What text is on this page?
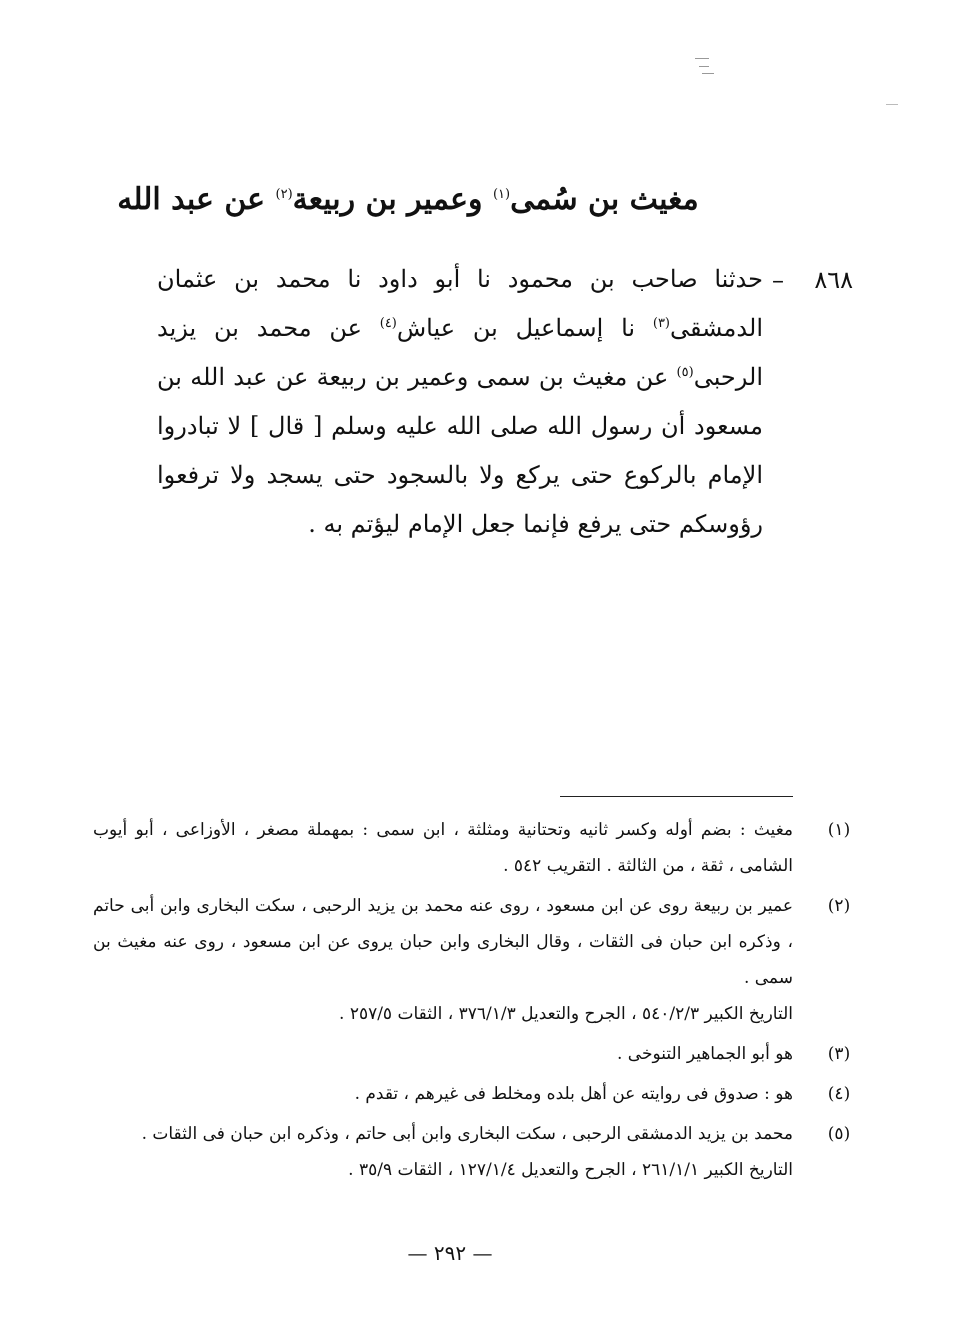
مغيث بن سُمى$^{(١)}$ وعمير بن ربيعة$^{(٢)}$ عن عبد الله
٨٦٨
–

حدثنا صاحب بن محمود نا أبو داود نا محمد بن عثمان الدمشقى$^{(٣)}$ نا إسماعيل بن عياش$^{(٤)}$ عن محمد بن يزيد الرحبى$^{(٥)}$ عن مغيث بن سمى وعمير بن ربيعة عن عبد الله بن مسعود أن رسول الله صلى الله عليه وسلم [ قال ] لا تبادروا الإمام بالركوع حتى يركع ولا بالسجود حتى يسجد ولا ترفعوا رؤوسكم حتى يرفع فإنما جعل الإمام ليؤتم به .

(١)

مغيث : بضم أوله وكسر ثانيه وتحتانية ومثلثة ، ابن سمى : بمهملة مصغر ، الأوزاعى ، أبو أيوب الشامى ، ثقة ، من الثالثة . التقريب ٥٤٢ .

(٢)

عمير بن ربيعة روى عن ابن مسعود ، روى عنه محمد بن يزيد الرحبى ، سكت البخارى وابن أبى حاتم ، وذكره ابن حبان فى الثقات ، وقال البخارى وابن حبان يروى عن ابن مسعود ، روى عنه مغيث بن سمى .

التاريخ الكبير ٥٤٠/٢/٣ ، الجرح والتعديل ٣٧٦/١/٣ ، الثقات ٢٥٧/٥ .

(٣)

هو أبو الجماهير التنوخى .

(٤)

هو : صدوق فى روايته عن أهل بلده ومخلط فى غيرهم ، تقدم .

(٥)

محمد بن يزيد الدمشقى الرحبى ، سكت البخارى وابن أبى حاتم ، وذكره ابن حبان فى الثقات .

التاريخ الكبير ٢٦١/١/١ ، الجرح والتعديل ١٢٧/١/٤ ، الثقات ٣٥/٩ .

— ٢٩٢ —
